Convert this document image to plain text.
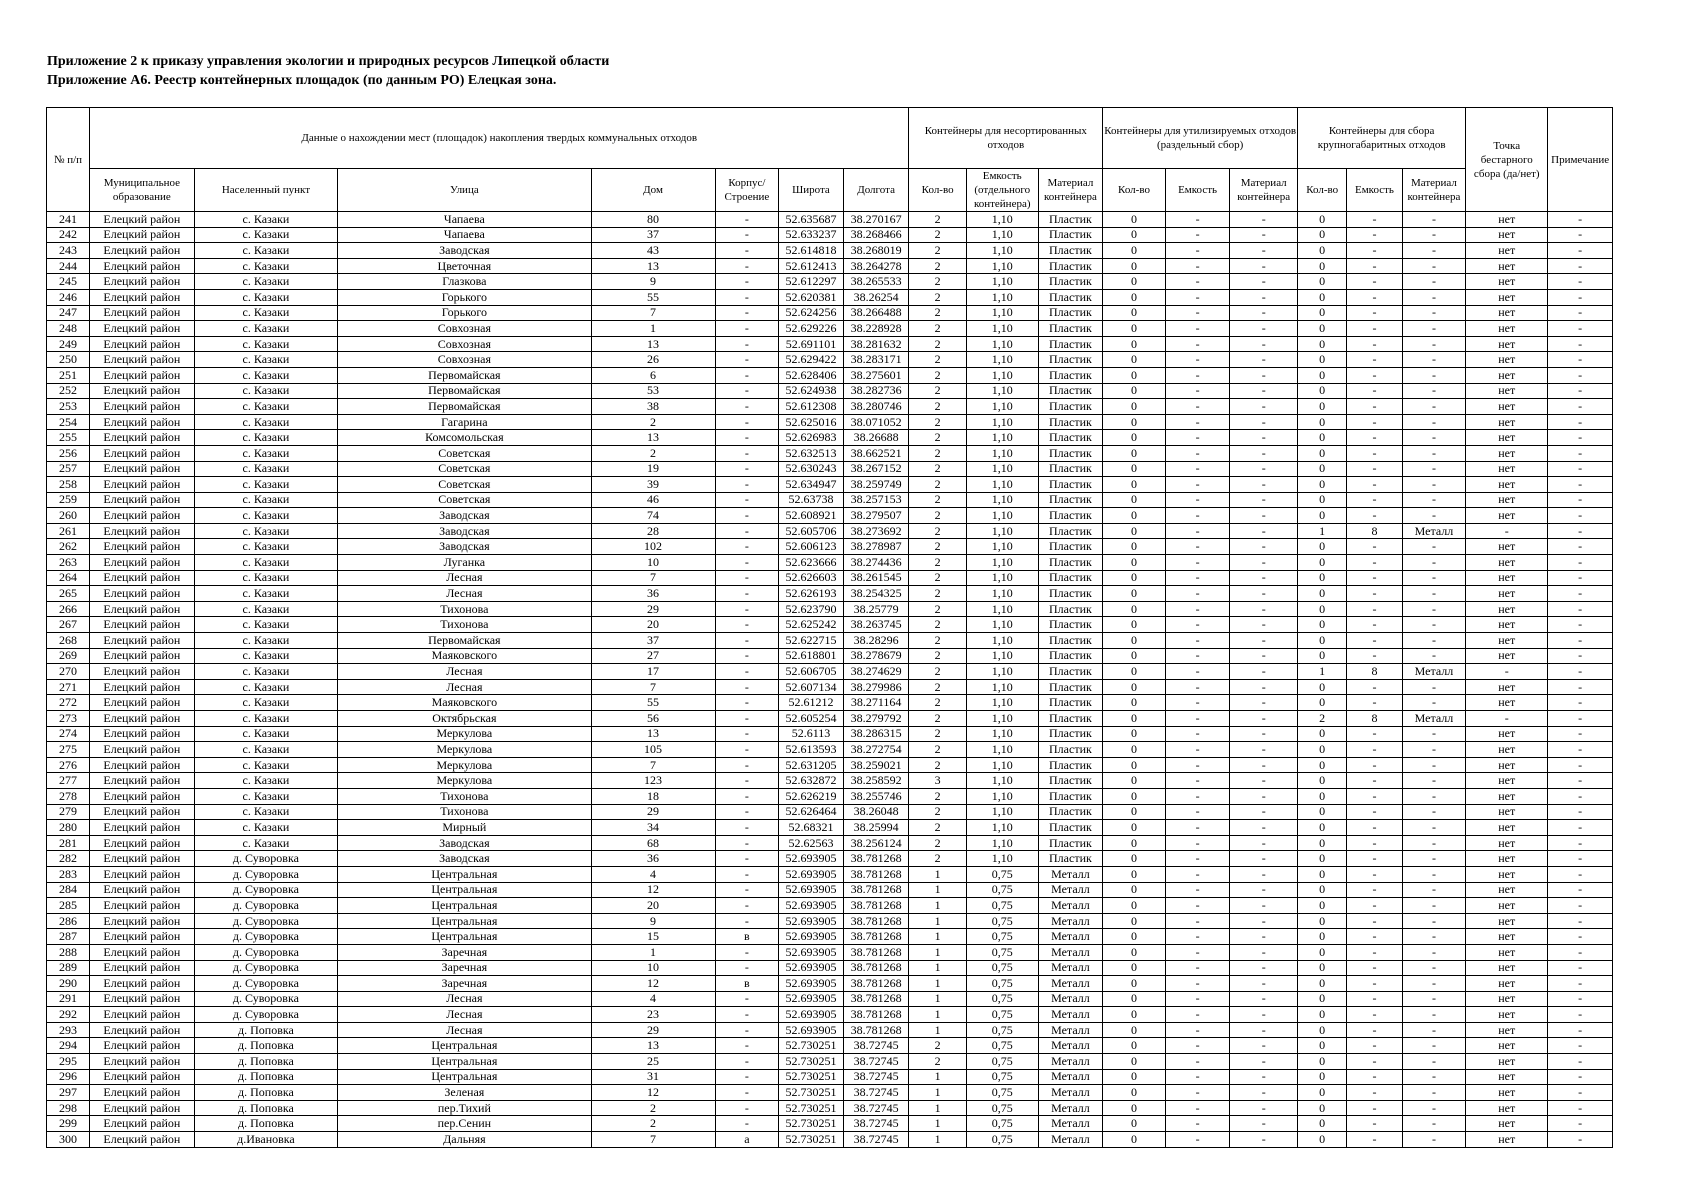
Приложение 2 к приказу управления экологии и природных ресурсов Липецкой области
Приложение А6. Реестр контейнерных площадок (по данным РО) Елецкая зона.
№ п/п	Данные о нахождении мест (площадок) накопления твердых коммунальных отходов							Контейнеры для несортированных отходов			Контейнеры для утилизируемых отходов (раздельный сбор)			Контейнеры для сбора крупногабаритных отходов			Точка бестарного сбора (да/нет)	Примечание
	Муниципальное образование	Населенный пункт	Улица	Дом	Корпус/ Строение	Широта	Долгота	Кол-во	Емкость (отдельного контейнера)	Материал контейнера	Кол-во	Емкость	Материал контейнера	Кол-во	Емкость	Материал контейнера		
241	Елецкий район	с. Казаки	Чапаева	80	-	52.635687	38.270167	2	1,10	Пластик	0	-	-	0	-	-	нет	-
242	Елецкий район	с. Казаки	Чапаева	37	-	52.633237	38.268466	2	1,10	Пластик	0	-	-	0	-	-	нет	-
243	Елецкий район	с. Казаки	Заводская	43	-	52.614818	38.268019	2	1,10	Пластик	0	-	-	0	-	-	нет	-
244	Елецкий район	с. Казаки	Цветочная	13	-	52.612413	38.264278	2	1,10	Пластик	0	-	-	0	-	-	нет	-
245	Елецкий район	с. Казаки	Глазкова	9	-	52.612297	38.265533	2	1,10	Пластик	0	-	-	0	-	-	нет	-
246	Елецкий район	с. Казаки	Горького	55	-	52.620381	38.26254	2	1,10	Пластик	0	-	-	0	-	-	нет	-
247	Елецкий район	с. Казаки	Горького	7	-	52.624256	38.266488	2	1,10	Пластик	0	-	-	0	-	-	нет	-
248	Елецкий район	с. Казаки	Совхозная	1	-	52.629226	38.228928	2	1,10	Пластик	0	-	-	0	-	-	нет	-
249	Елецкий район	с. Казаки	Совхозная	13	-	52.691101	38.281632	2	1,10	Пластик	0	-	-	0	-	-	нет	-
250	Елецкий район	с. Казаки	Совхозная	26	-	52.629422	38.283171	2	1,10	Пластик	0	-	-	0	-	-	нет	-
251	Елецкий район	с. Казаки	Первомайская	6	-	52.628406	38.275601	2	1,10	Пластик	0	-	-	0	-	-	нет	-
252	Елецкий район	с. Казаки	Первомайская	53	-	52.624938	38.282736	2	1,10	Пластик	0	-	-	0	-	-	нет	-
253	Елецкий район	с. Казаки	Первомайская	38	-	52.612308	38.280746	2	1,10	Пластик	0	-	-	0	-	-	нет	-
254	Елецкий район	с. Казаки	Гагарина	2	-	52.625016	38.071052	2	1,10	Пластик	0	-	-	0	-	-	нет	-
255	Елецкий район	с. Казаки	Комсомольская	13	-	52.626983	38.26688	2	1,10	Пластик	0	-	-	0	-	-	нет	-
256	Елецкий район	с. Казаки	Советская	2	-	52.632513	38.662521	2	1,10	Пластик	0	-	-	0	-	-	нет	-
257	Елецкий район	с. Казаки	Советская	19	-	52.630243	38.267152	2	1,10	Пластик	0	-	-	0	-	-	нет	-
258	Елецкий район	с. Казаки	Советская	39	-	52.634947	38.259749	2	1,10	Пластик	0	-	-	0	-	-	нет	-
259	Елецкий район	с. Казаки	Советская	46	-	52.63738	38.257153	2	1,10	Пластик	0	-	-	0	-	-	нет	-
260	Елецкий район	с. Казаки	Заводская	74	-	52.608921	38.279507	2	1,10	Пластик	0	-	-	0	-	-	нет	-
261	Елецкий район	с. Казаки	Заводская	28	-	52.605706	38.273692	2	1,10	Пластик	0	-	-	1	8	Металл	-	-
262	Елецкий район	с. Казаки	Заводская	102	-	52.606123	38.278987	2	1,10	Пластик	0	-	-	0	-	-	нет	-
263	Елецкий район	с. Казаки	Луганка	10	-	52.623666	38.274436	2	1,10	Пластик	0	-	-	0	-	-	нет	-
264	Елецкий район	с. Казаки	Лесная	7	-	52.626603	38.261545	2	1,10	Пластик	0	-	-	0	-	-	нет	-
265	Елецкий район	с. Казаки	Лесная	36	-	52.626193	38.254325	2	1,10	Пластик	0	-	-	0	-	-	нет	-
266	Елецкий район	с. Казаки	Тихонова	29	-	52.623790	38.25779	2	1,10	Пластик	0	-	-	0	-	-	нет	-
267	Елецкий район	с. Казаки	Тихонова	20	-	52.625242	38.263745	2	1,10	Пластик	0	-	-	0	-	-	нет	-
268	Елецкий район	с. Казаки	Первомайская	37	-	52.622715	38.28296	2	1,10	Пластик	0	-	-	0	-	-	нет	-
269	Елецкий район	с. Казаки	Маяковского	27	-	52.618801	38.278679	2	1,10	Пластик	0	-	-	0	-	-	нет	-
270	Елецкий район	с. Казаки	Лесная	17	-	52.606705	38.274629	2	1,10	Пластик	0	-	-	1	8	Металл	-	-
271	Елецкий район	с. Казаки	Лесная	7	-	52.607134	38.279986	2	1,10	Пластик	0	-	-	0	-	-	нет	-
272	Елецкий район	с. Казаки	Маяковского	55	-	52.61212	38.271164	2	1,10	Пластик	0	-	-	0	-	-	нет	-
273	Елецкий район	с. Казаки	Октябрьская	56	-	52.605254	38.279792	2	1,10	Пластик	0	-	-	2	8	Металл	-	-
274	Елецкий район	с. Казаки	Меркулова	13	-	52.6113	38.286315	2	1,10	Пластик	0	-	-	0	-	-	нет	-
275	Елецкий район	с. Казаки	Меркулова	105	-	52.613593	38.272754	2	1,10	Пластик	0	-	-	0	-	-	нет	-
276	Елецкий район	с. Казаки	Меркулова	7	-	52.631205	38.259021	2	1,10	Пластик	0	-	-	0	-	-	нет	-
277	Елецкий район	с. Казаки	Меркулова	123	-	52.632872	38.258592	3	1,10	Пластик	0	-	-	0	-	-	нет	-
278	Елецкий район	с. Казаки	Тихонова	18	-	52.626219	38.255746	2	1,10	Пластик	0	-	-	0	-	-	нет	-
279	Елецкий район	с. Казаки	Тихонова	29	-	52.626464	38.26048	2	1,10	Пластик	0	-	-	0	-	-	нет	-
280	Елецкий район	с. Казаки	Мирный	34	-	52.68321	38.25994	2	1,10	Пластик	0	-	-	0	-	-	нет	-
281	Елецкий район	с. Казаки	Заводская	68	-	52.62563	38.256124	2	1,10	Пластик	0	-	-	0	-	-	нет	-
282	Елецкий район	д. Суворовка	Заводская	36	-	52.693905	38.781268	2	1,10	Пластик	0	-	-	0	-	-	нет	-
283	Елецкий район	д. Суворовка	Центральная	4	-	52.693905	38.781268	1	0,75	Металл	0	-	-	0	-	-	нет	-
284	Елецкий район	д. Суворовка	Центральная	12	-	52.693905	38.781268	1	0,75	Металл	0	-	-	0	-	-	нет	-
285	Елецкий район	д. Суворовка	Центральная	20	-	52.693905	38.781268	1	0,75	Металл	0	-	-	0	-	-	нет	-
286	Елецкий район	д. Суворовка	Центральная	9	-	52.693905	38.781268	1	0,75	Металл	0	-	-	0	-	-	нет	-
287	Елецкий район	д. Суворовка	Центральная	15	в	52.693905	38.781268	1	0,75	Металл	0	-	-	0	-	-	нет	-
288	Елецкий район	д. Суворовка	Заречная	1	-	52.693905	38.781268	1	0,75	Металл	0	-	-	0	-	-	нет	-
289	Елецкий район	д. Суворовка	Заречная	10	-	52.693905	38.781268	1	0,75	Металл	0	-	-	0	-	-	нет	-
290	Елецкий район	д. Суворовка	Заречная	12	в	52.693905	38.781268	1	0,75	Металл	0	-	-	0	-	-	нет	-
291	Елецкий район	д. Суворовка	Лесная	4	-	52.693905	38.781268	1	0,75	Металл	0	-	-	0	-	-	нет	-
292	Елецкий район	д. Суворовка	Лесная	23	-	52.693905	38.781268	1	0,75	Металл	0	-	-	0	-	-	нет	-
293	Елецкий район	д. Поповка	Лесная	29	-	52.693905	38.781268	1	0,75	Металл	0	-	-	0	-	-	нет	-
294	Елецкий район	д. Поповка	Центральная	13	-	52.730251	38.72745	2	0,75	Металл	0	-	-	0	-	-	нет	-
295	Елецкий район	д. Поповка	Центральная	25	-	52.730251	38.72745	2	0,75	Металл	0	-	-	0	-	-	нет	-
296	Елецкий район	д. Поповка	Центральная	31	-	52.730251	38.72745	1	0,75	Металл	0	-	-	0	-	-	нет	-
297	Елецкий район	д. Поповка	Зеленая	12	-	52.730251	38.72745	1	0,75	Металл	0	-	-	0	-	-	нет	-
298	Елецкий район	д. Поповка	пер.Тихий	2	-	52.730251	38.72745	1	0,75	Металл	0	-	-	0	-	-	нет	-
299	Елецкий район	д. Поповка	пер.Сенин	2	-	52.730251	38.72745	1	0,75	Металл	0	-	-	0	-	-	нет	-
300	Елецкий район	д.Ивановка	Дальняя	7	а	52.730251	38.72745	1	0,75	Металл	0	-	-	0	-	-	нет	-
